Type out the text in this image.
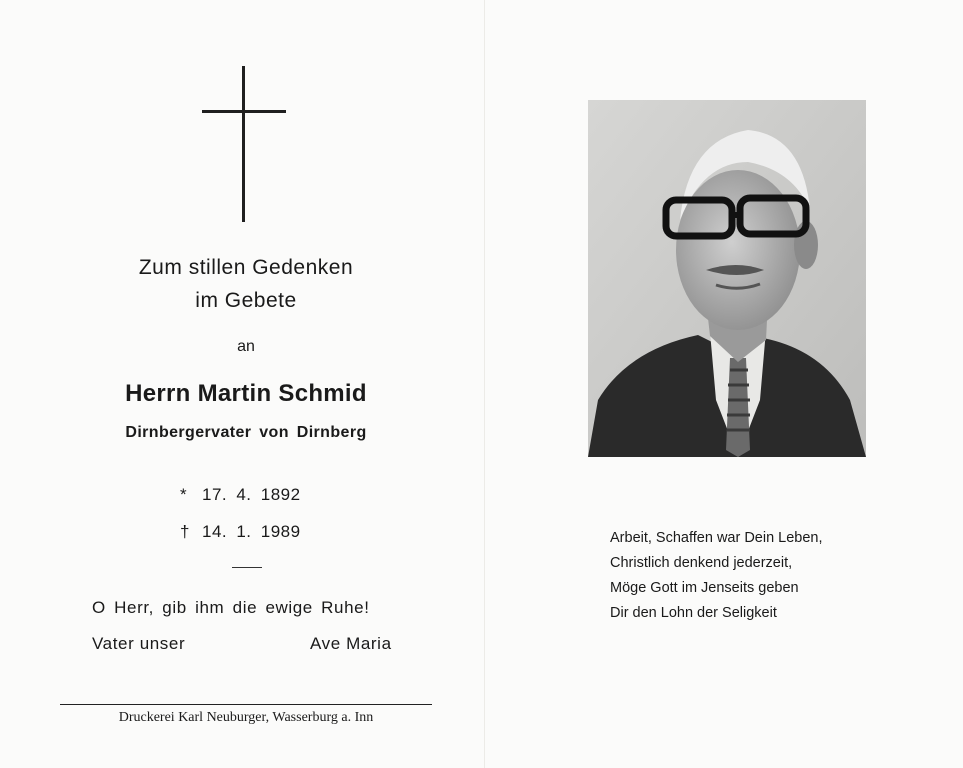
Zum stillen Gedenken
im Gebete
an
Herrn Martin Schmid
Dirnbergervater von Dirnberg
* 17. 4. 1892
† 14. 1. 1989
O Herr, gib ihm die ewige Ruhe!
Vater unser	Ave Maria
Druckerei Karl Neuburger, Wasserburg a. Inn
Arbeit, Schaffen war Dein Leben,
Christlich denkend jederzeit,
Möge Gott im Jenseits geben
Dir den Lohn der Seligkeit
